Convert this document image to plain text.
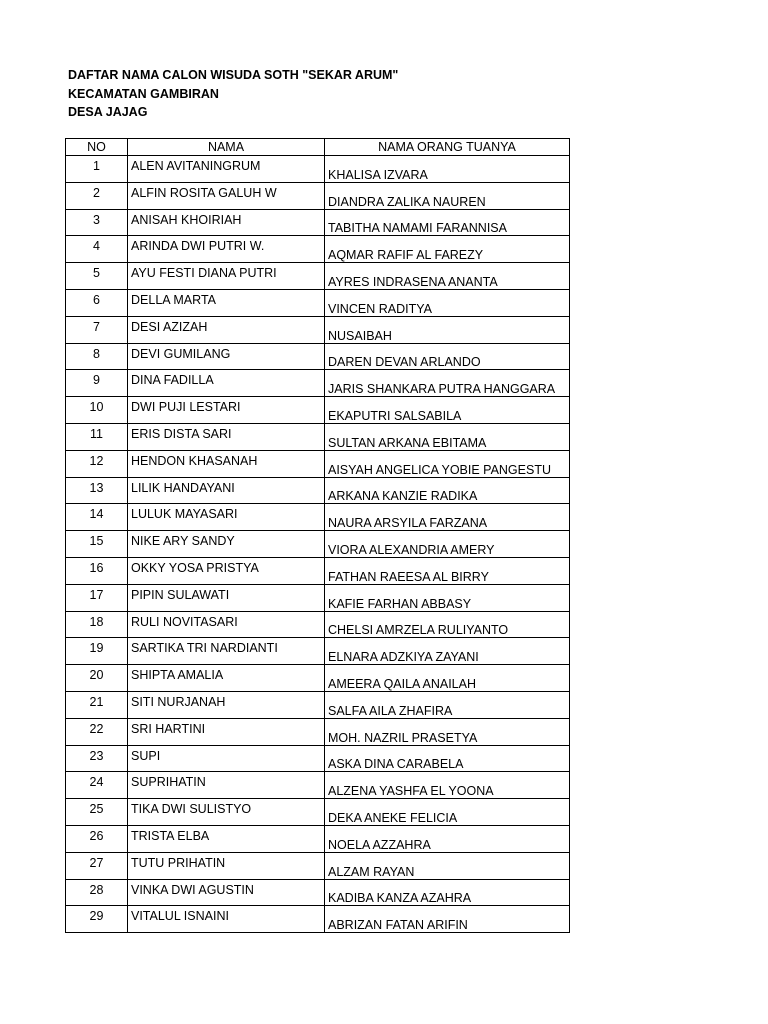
DAFTAR NAMA CALON WISUDA SOTH "SEKAR ARUM"
KECAMATAN GAMBIRAN
DESA JAJAG
NO	NAMA	NAMA ORANG TUANYA
1	ALEN AVITANINGRUM	KHALISA IZVARA
2	ALFIN ROSITA GALUH W	DIANDRA ZALIKA NAUREN
3	ANISAH KHOIRIAH	TABITHA NAMAMI FARANNISA
4	ARINDA DWI PUTRI W.	AQMAR RAFIF AL FAREZY
5	AYU FESTI DIANA PUTRI	AYRES INDRASENA ANANTA
6	DELLA MARTA	VINCEN RADITYA
7	DESI AZIZAH	NUSAIBAH
8	DEVI GUMILANG	DAREN DEVAN ARLANDO
9	DINA FADILLA	JARIS SHANKARA PUTRA HANGGARA
10	DWI PUJI LESTARI	EKAPUTRI SALSABILA
11	ERIS DISTA SARI	SULTAN ARKANA EBITAMA
12	HENDON KHASANAH	AISYAH ANGELICA YOBIE PANGESTU
13	LILIK HANDAYANI	ARKANA KANZIE RADIKA
14	LULUK MAYASARI	NAURA ARSYILA FARZANA
15	NIKE ARY SANDY	VIORA ALEXANDRIA AMERY
16	OKKY YOSA PRISTYA	FATHAN RAEESA AL BIRRY
17	PIPIN SULAWATI	KAFIE FARHAN ABBASY
18	RULI NOVITASARI	CHELSI AMRZELA RULIYANTO
19	SARTIKA TRI NARDIANTI	ELNARA ADZKIYA ZAYANI
20	SHIPTA AMALIA	AMEERA QAILA ANAILAH
21	SITI NURJANAH	SALFA AILA ZHAFIRA
22	SRI HARTINI	MOH. NAZRIL PRASETYA
23	SUPI	ASKA DINA CARABELA
24	SUPRIHATIN	ALZENA YASHFA EL YOONA
25	TIKA DWI SULISTYO	DEKA ANEKE FELICIA
26	TRISTA ELBA	NOELA AZZAHRA
27	TUTU PRIHATIN	ALZAM RAYAN
28	VINKA DWI AGUSTIN	KADIBA KANZA AZAHRA
29	VITALUL ISNAINI	ABRIZAN FATAN ARIFIN
